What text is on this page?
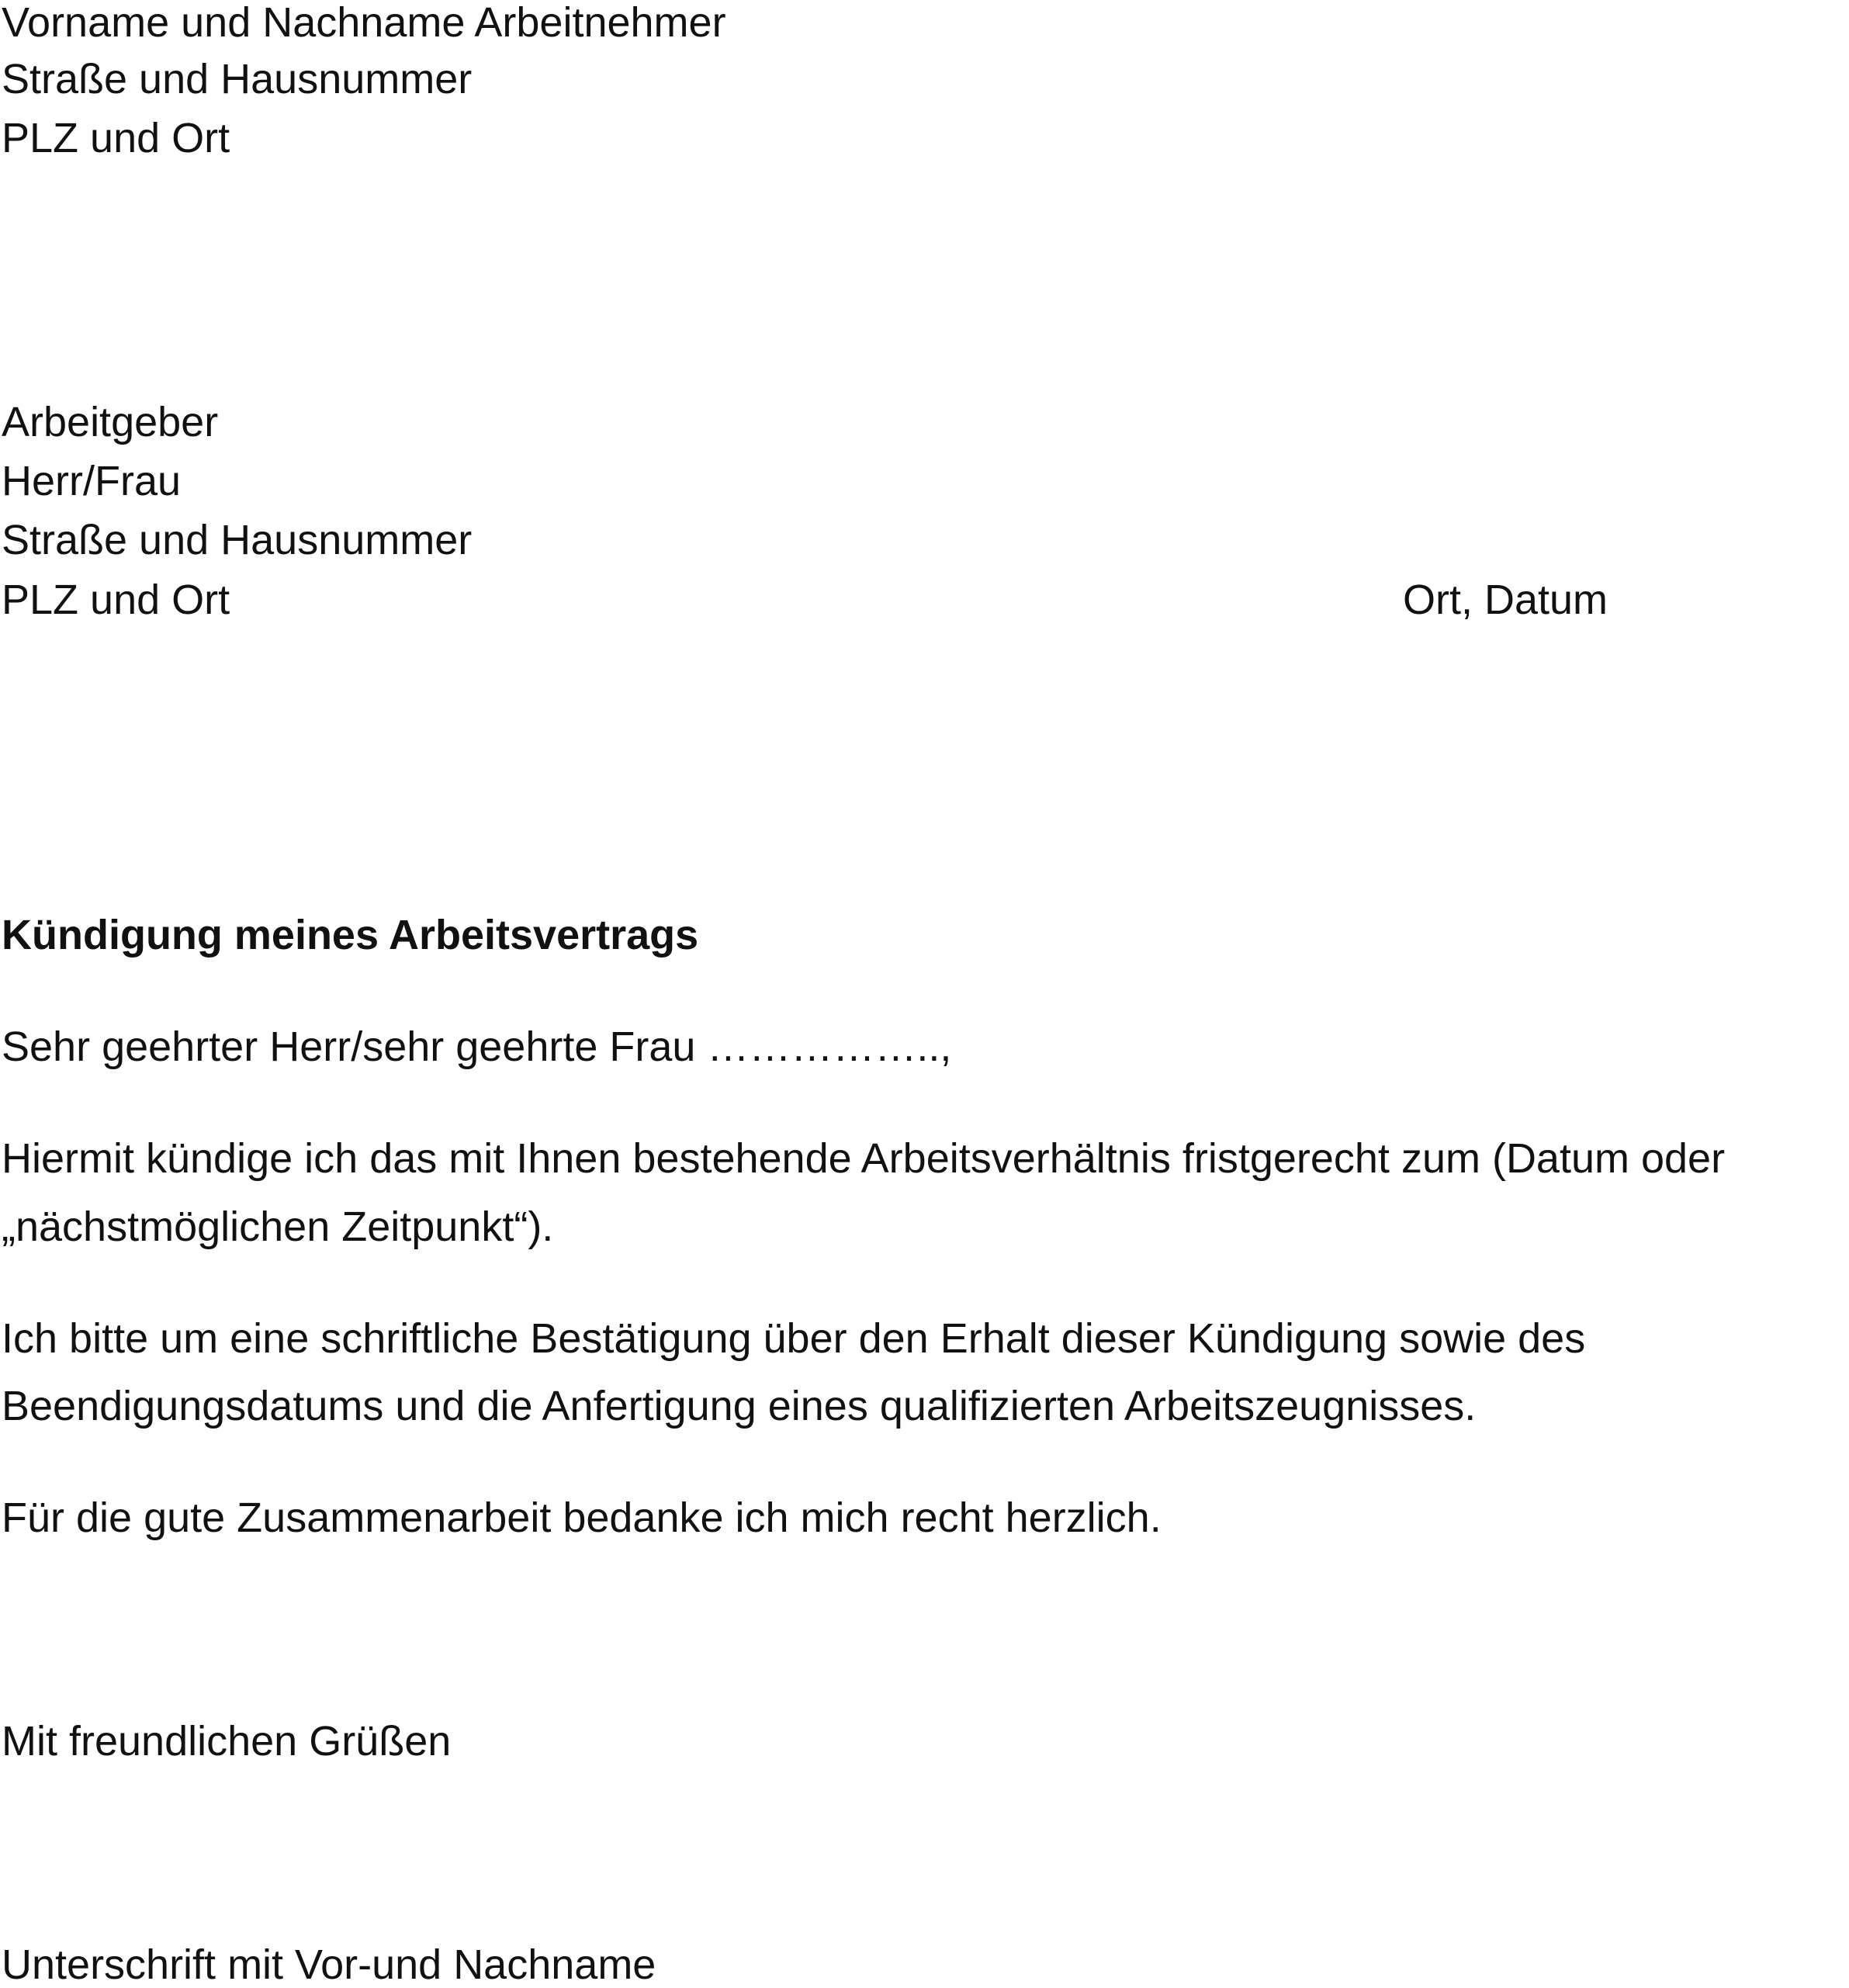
Vorname und Nachname Arbeitnehmer
Straße und Hausnummer
PLZ und Ort
Arbeitgeber
Herr/Frau
Straße und Hausnummer
PLZ und Ort	Ort, Datum
Kündigung meines Arbeitsvertrags
Sehr geehrter Herr/sehr geehrte Frau ……………..,
Hiermit kündige ich das mit Ihnen bestehende Arbeitsverhältnis fristgerecht zum (Datum oder
„nächstmöglichen Zeitpunkt“).
Ich bitte um eine schriftliche Bestätigung über den Erhalt dieser Kündigung sowie des
Beendigungsdatums und die Anfertigung eines qualifizierten Arbeitszeugnisses.
Für die gute Zusammenarbeit bedanke ich mich recht herzlich.
Mit freundlichen Grüßen
Unterschrift mit Vor-und Nachname
